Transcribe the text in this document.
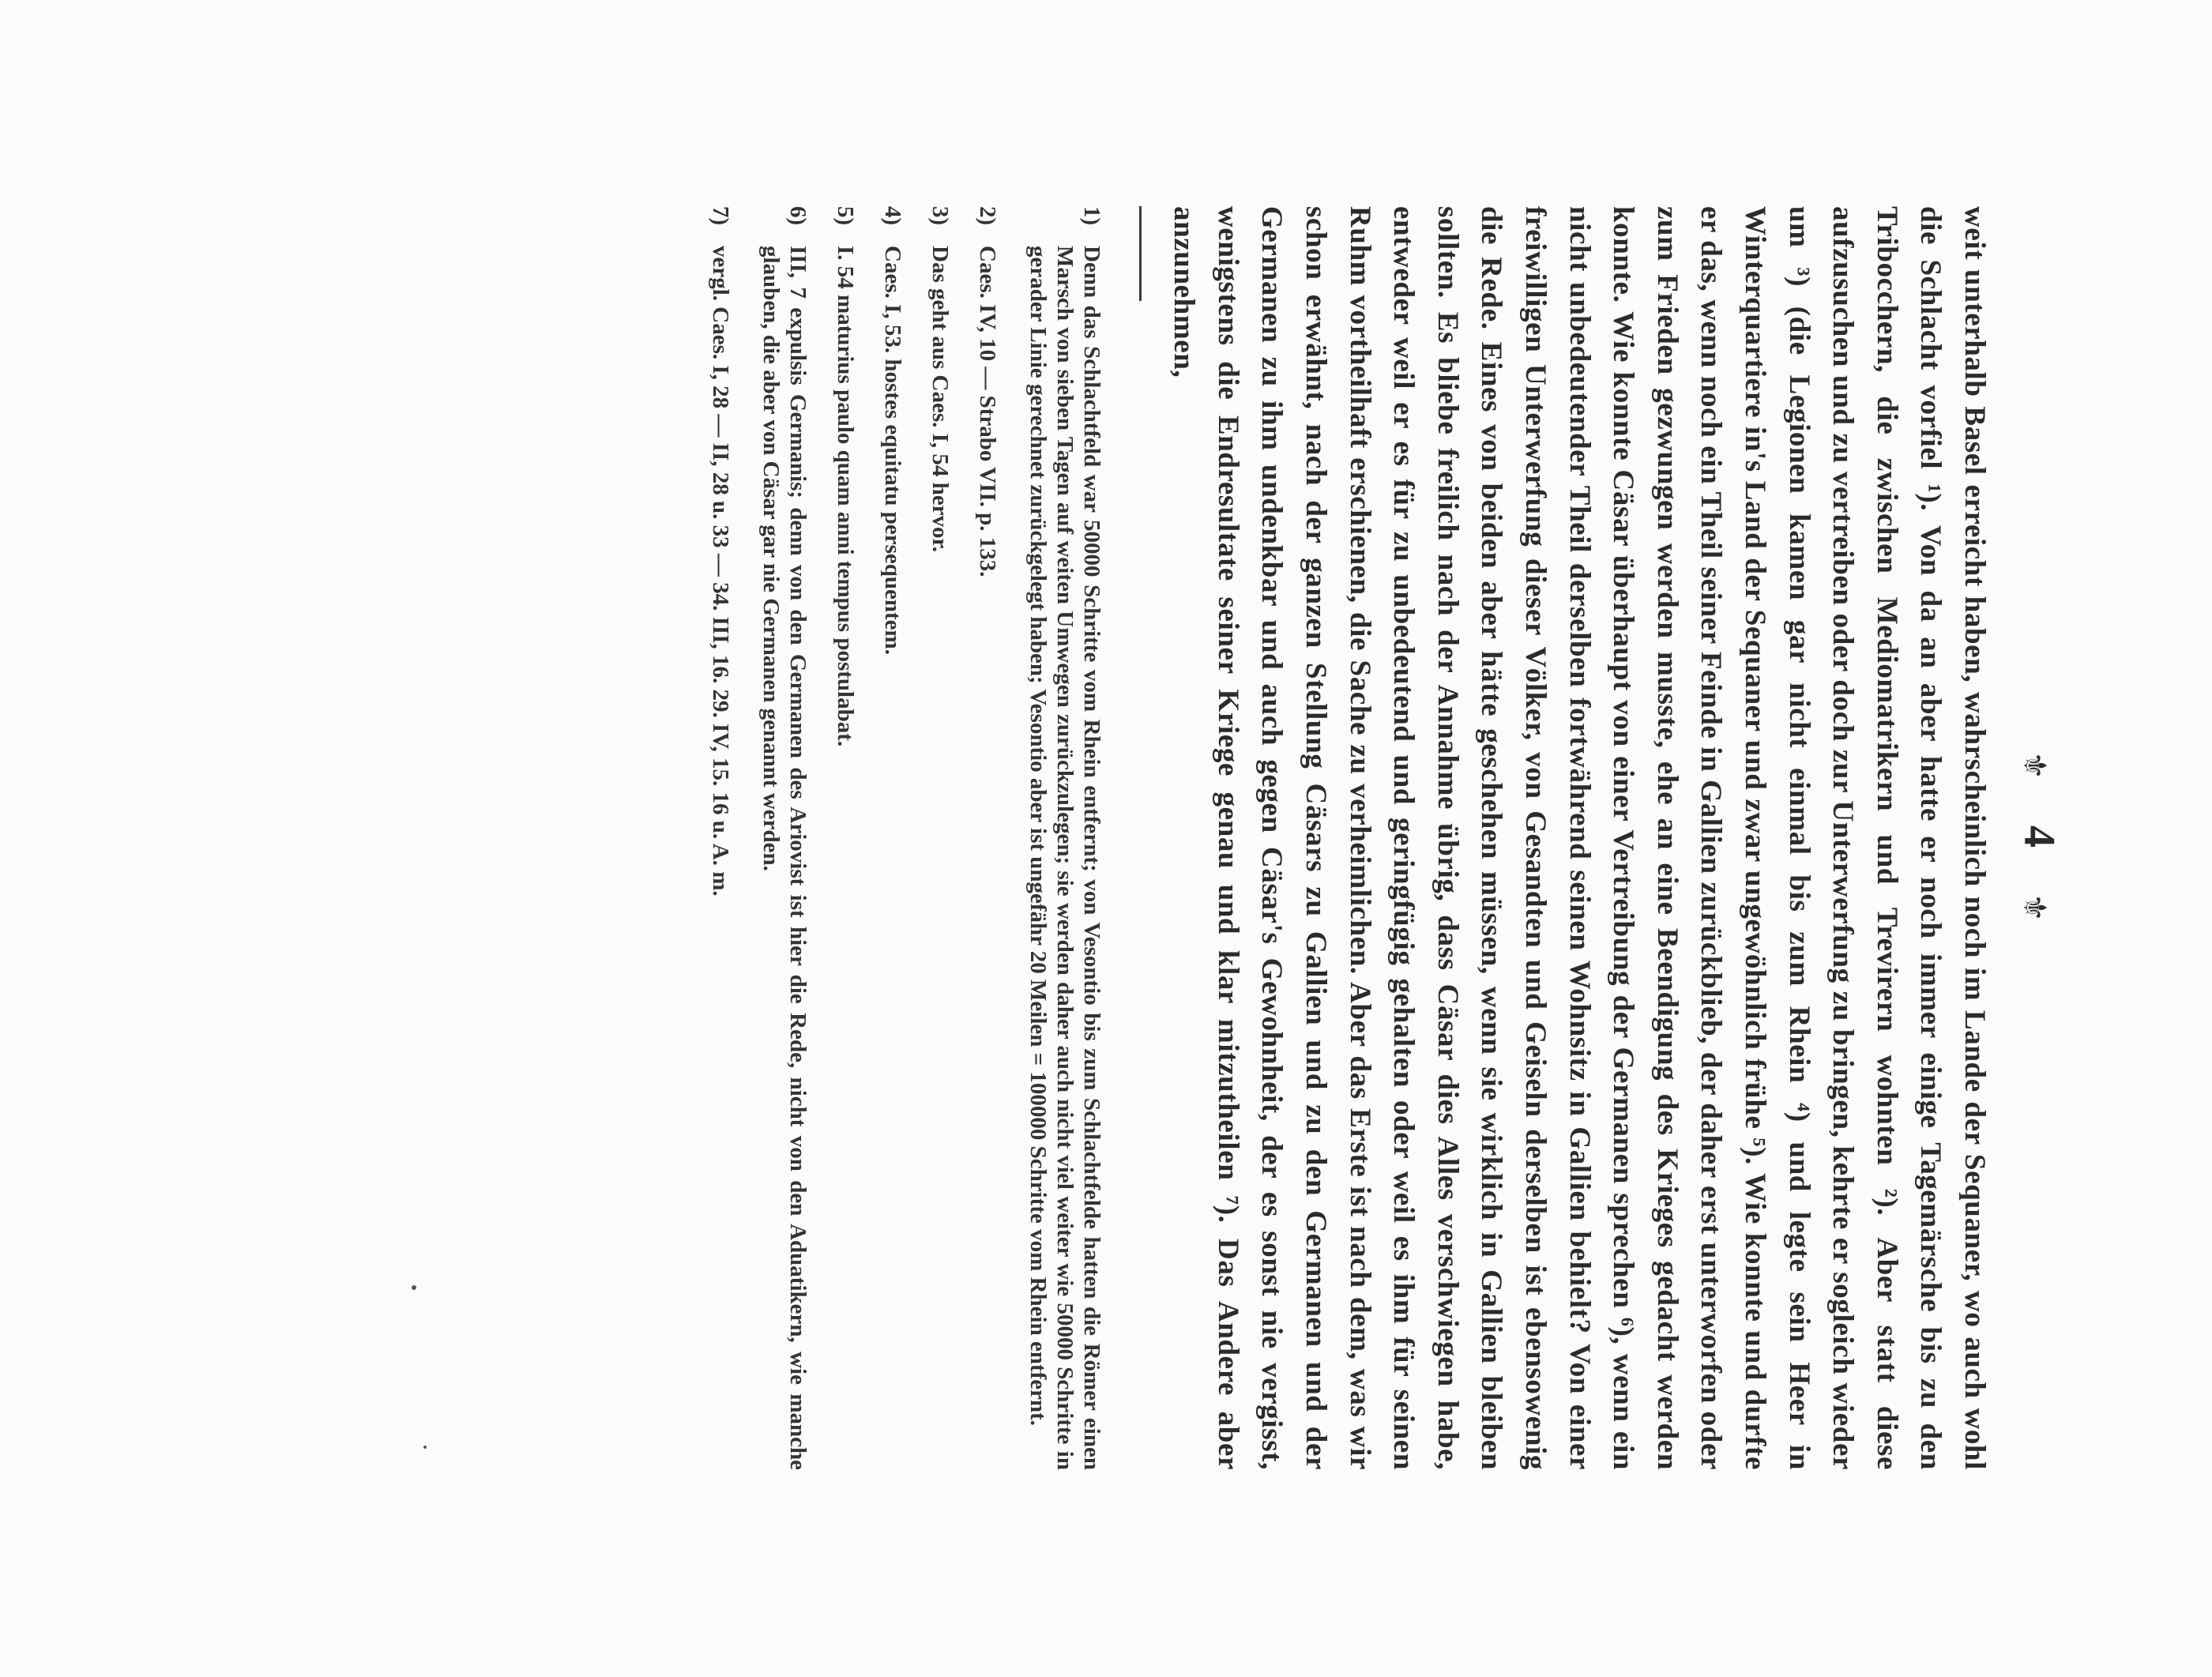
⚜ 4 ⚜

weit unterhalb Basel erreicht haben, wahrscheinlich noch im Lande der Sequaner, wo auch wohl die Schlacht vorfiel ¹). Von da an aber hatte er noch immer einige Tagemärsche bis zu den Tribocchern, die zwischen Mediomatrikern und Trevirern wohnten ²). Aber statt diese aufzusuchen und zu vertreiben oder doch zur Unterwerfung zu bringen, kehrte er sogleich wieder um ³) (die Legionen kamen gar nicht einmal bis zum Rhein ⁴) und legte sein Heer in Winterquartiere in's Land der Sequaner und zwar ungewöhnlich frühe ⁵). Wie konnte und durfte er das, wenn noch ein Theil seiner Feinde in Gallien zurückblieb, der daher erst unterworfen oder zum Frieden gezwungen werden musste, ehe an eine Beendigung des Krieges gedacht werden konnte. Wie konnte Cäsar überhaupt von einer Vertreibung der Germanen sprechen ⁶), wenn ein nicht unbedeutender Theil derselben fortwährend seinen Wohnsitz in Gallien behielt? Von einer freiwilligen Unterwerfung dieser Völker, von Gesandten und Geiseln derselben ist ebensowenig die Rede. Eines von beiden aber hätte geschehen müssen, wenn sie wirklich in Gallien bleiben sollten. Es bliebe freilich nach der Annahme übrig, dass Cäsar dies Alles verschwiegen habe, entweder weil er es für zu unbedeutend und geringfügig gehalten oder weil es ihm für seinen Ruhm vortheilhaft erschienen, die Sache zu verheimlichen. Aber das Erste ist nach dem, was wir schon erwähnt, nach der ganzen Stellung Cäsars zu Gallien und zu den Germanen und der Germanen zu ihm undenkbar und auch gegen Cäsar's Gewohnheit, der es sonst nie vergisst, wenigstens die Endresultate seiner Kriege genau und klar mitzutheilen ⁷). Das Andere aber anzunehmen,

1)
Denn das Schlachtfeld war 50000 Schritte vom Rhein entfernt; von Vesontio bis zum Schlachtfelde hatten die Römer einen Marsch von sieben Tagen auf weiten Umwegen zurückzulegen; sie werden daher auch nicht viel weiter wie 50000 Schritte in gerader Linie gerechnet zurückgelegt haben; Vesontio aber ist ungefähr 20 Meilen = 100000 Schritte vom Rhein entfernt.
2)
Caes. IV, 10 — Strabo VII. p. 133.
3)
Das geht aus Caes. I, 54 hervor.
4)
Caes. I, 53. hostes equitatu persequentem.
5)
I. 54 maturius paulo quam anni tempus postulabat.
6)
III, 7 expulsis Germanis; denn von den Germanen des Ariovist ist hier die Rede, nicht von den Aduatikern, wie manche glauben, die aber von Cäsar gar nie Germanen genannt werden.
7)
vergl. Caes. I, 28 — II, 28 u. 33 — 34. III, 16. 29. IV, 15. 16 u. A. m.
